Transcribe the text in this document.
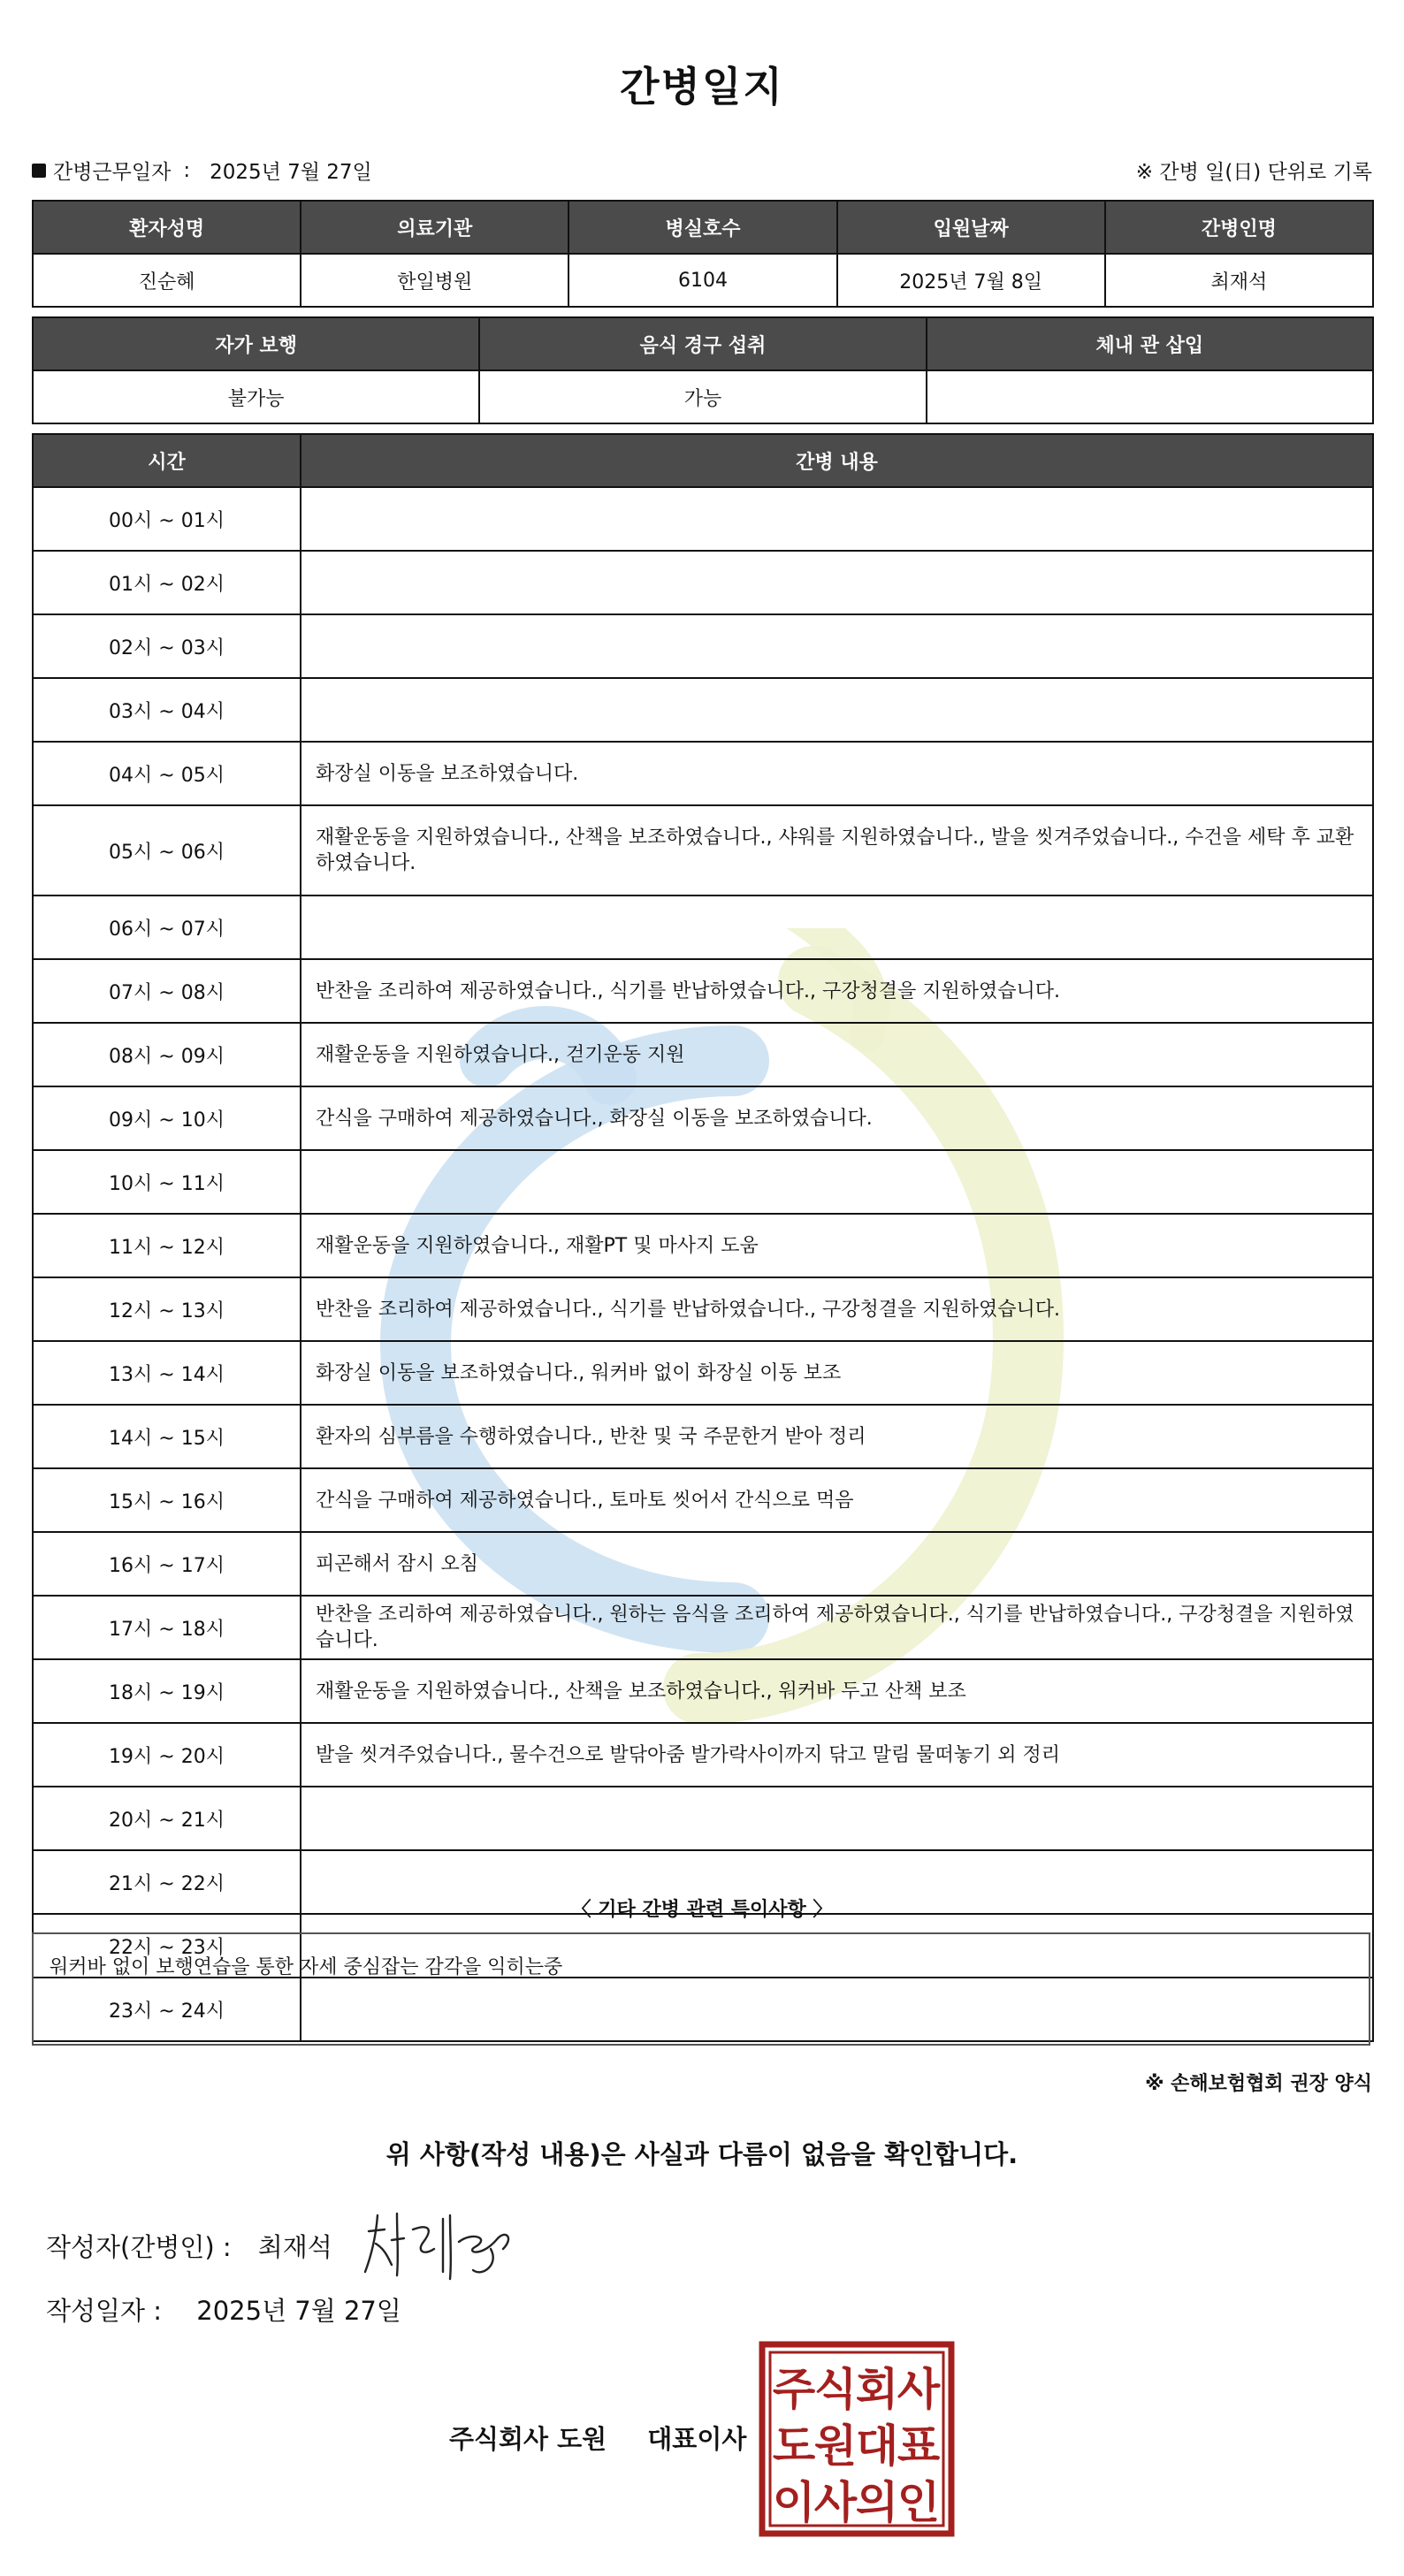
간병일지
간병근무일자 : 2025년 7월 27일	※ 간병 일(日) 단위로 기록
환자성명	의료기관	병실호수	입원날짜	간병인명
진순혜	한일병원	6104	2025년 7월 8일	최재석
자가 보행	음식 경구 섭취	체내 관 삽입
불가능	가능	
시간	간병 내용
00시 ~ 01시	
01시 ~ 02시	
02시 ~ 03시	
03시 ~ 04시	
04시 ~ 05시	화장실 이동을 보조하였습니다.
05시 ~ 06시	재활운동을 지원하였습니다., 산책을 보조하였습니다., 샤워를 지원하였습니다., 발을 씻겨주었습니다., 수건을 세탁 후 교환하였습니다.
06시 ~ 07시	
07시 ~ 08시	반찬을 조리하여 제공하였습니다., 식기를 반납하였습니다., 구강청결을 지원하였습니다.
08시 ~ 09시	재활운동을 지원하였습니다., 걷기운동 지원
09시 ~ 10시	간식을 구매하여 제공하였습니다., 화장실 이동을 보조하였습니다.
10시 ~ 11시	
11시 ~ 12시	재활운동을 지원하였습니다., 재활PT 및 마사지 도움
12시 ~ 13시	반찬을 조리하여 제공하였습니다., 식기를 반납하였습니다., 구강청결을 지원하였습니다.
13시 ~ 14시	화장실 이동을 보조하였습니다., 워커바 없이 화장실 이동 보조
14시 ~ 15시	환자의 심부름을 수행하였습니다., 반찬 및 국 주문한거 받아 정리
15시 ~ 16시	간식을 구매하여 제공하였습니다., 토마토 씻어서 간식으로 먹음
16시 ~ 17시	피곤해서 잠시 오침
17시 ~ 18시	반찬을 조리하여 제공하였습니다., 원하는 음식을 조리하여 제공하였습니다., 식기를 반납하였습니다., 구강청결을 지원하였습니다.
18시 ~ 19시	재활운동을 지원하였습니다., 산책을 보조하였습니다., 워커바 두고 산책 보조
19시 ~ 20시	발을 씻겨주었습니다., 물수건으로 발닦아줌 발가락사이까지 닦고 말림 물떠놓기 외 정리
20시 ~ 21시	
21시 ~ 22시	
22시 ~ 23시	
23시 ~ 24시	
〈 기타 간병 관련 특이사항 〉
워커바 없이 보행연습을 통한 자세 중심잡는 감각을 익히는중
※ 손해보험협회 권장 양식
위 사항(작성 내용)은 사실과 다름이 없음을 확인합니다.
작성자(간병인) : 최재석
작성일자 : 2025년 7월 27일
주식회사 도원 대표이사
주
식
회
사
도
원
대
표
이
사
의
인
